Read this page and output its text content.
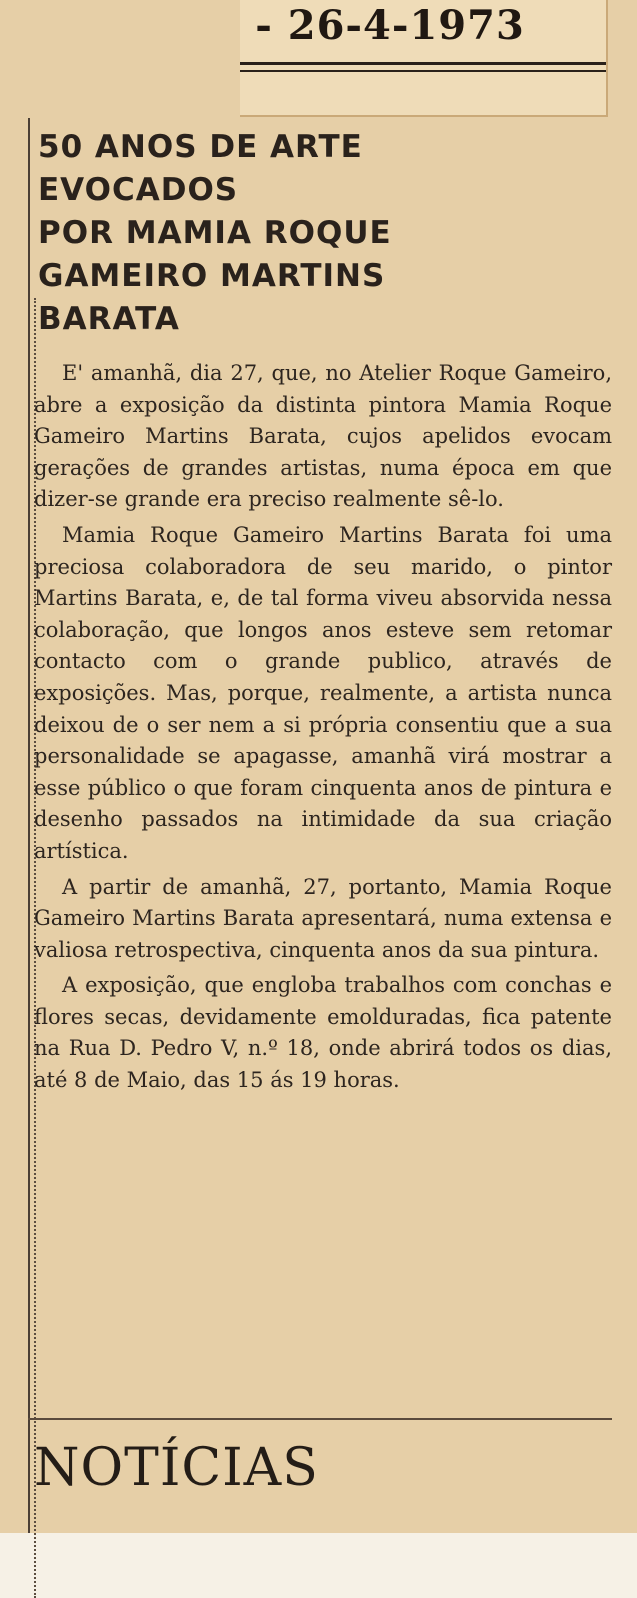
- 26-4-1973
50 ANOS DE ARTE
EVOCADOS
POR MAMIA ROQUE
GAMEIRO MARTINS
BARATA

E' amanhã, dia 27, que, no Atelier Roque Gameiro, abre a exposição da distinta pintora Mamia Roque Gameiro Martins Barata, cujos apelidos evocam gerações de grandes artistas, numa época em que dizer-se grande era preciso realmente sê-lo.

Mamia Roque Gameiro Martins Barata foi uma preciosa colaboradora de seu marido, o pintor Martins Barata, e, de tal forma viveu absorvida nessa colaboração, que longos anos esteve sem retomar contacto com o grande publico, através de exposições. Mas, porque, realmente, a artista nunca deixou de o ser nem a si própria consentiu que a sua personalidade se apagasse, amanhã virá mostrar a esse público o que foram cinquenta anos de pintura e desenho passados na intimidade da sua criação artística.

A partir de amanhã, 27, portanto, Mamia Roque Gameiro Martins Barata apresentará, numa extensa e valiosa retrospectiva, cinquenta anos da sua pintura.

A exposição, que engloba trabalhos com conchas e flores secas, devidamente emolduradas, fica patente na Rua D. Pedro V, n.º 18, onde abrirá todos os dias, até 8 de Maio, das 15 ás 19 horas.

NOTÍCIAS
